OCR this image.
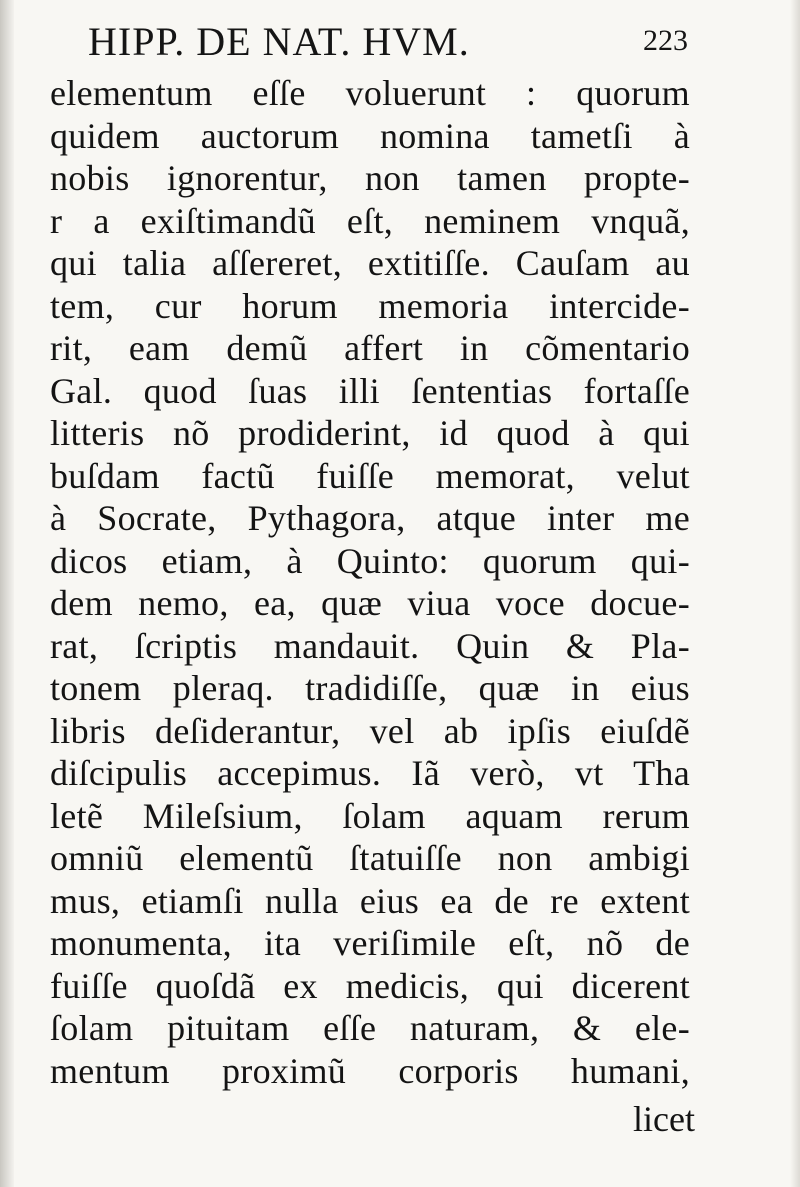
HIPP. DE NAT. HVM.	223
elementum eſſe voluerunt : quorum
quidem auctorum nomina tametſi à
nobis ignorentur, non tamen propte-
r a exiſtimandũ eſt, neminem vnquã,
qui talia aſſereret, extitiſſe. Cauſam au
tem, cur horum memoria intercide-
rit, eam demũ affert in cõmentario
Gal. quod ſuas illi ſententias fortaſſe
litteris nõ prodiderint, id quod à qui
buſdam factũ fuiſſe memorat, velut
à Socrate, Pythagora, atque inter me
dicos etiam, à Quinto: quorum qui-
dem nemo, ea, quæ viua voce docue-
rat, ſcriptis mandauit. Quin & Pla-
tonem pleraq. tradidiſſe, quæ in eius
libris deſiderantur, vel ab ipſis eiuſdẽ
diſcipulis accepimus. Iã verò, vt Tha
letẽ Mileſsium, ſolam aquam rerum
omniũ elementũ ſtatuiſſe non ambigi
mus, etiamſi nulla eius ea de re extent
monumenta, ita veriſimile eſt, nõ de
fuiſſe quoſdã ex medicis, qui dicerent
ſolam pituitam eſſe naturam, & ele-
mentum proximũ corporis humani,
licet
